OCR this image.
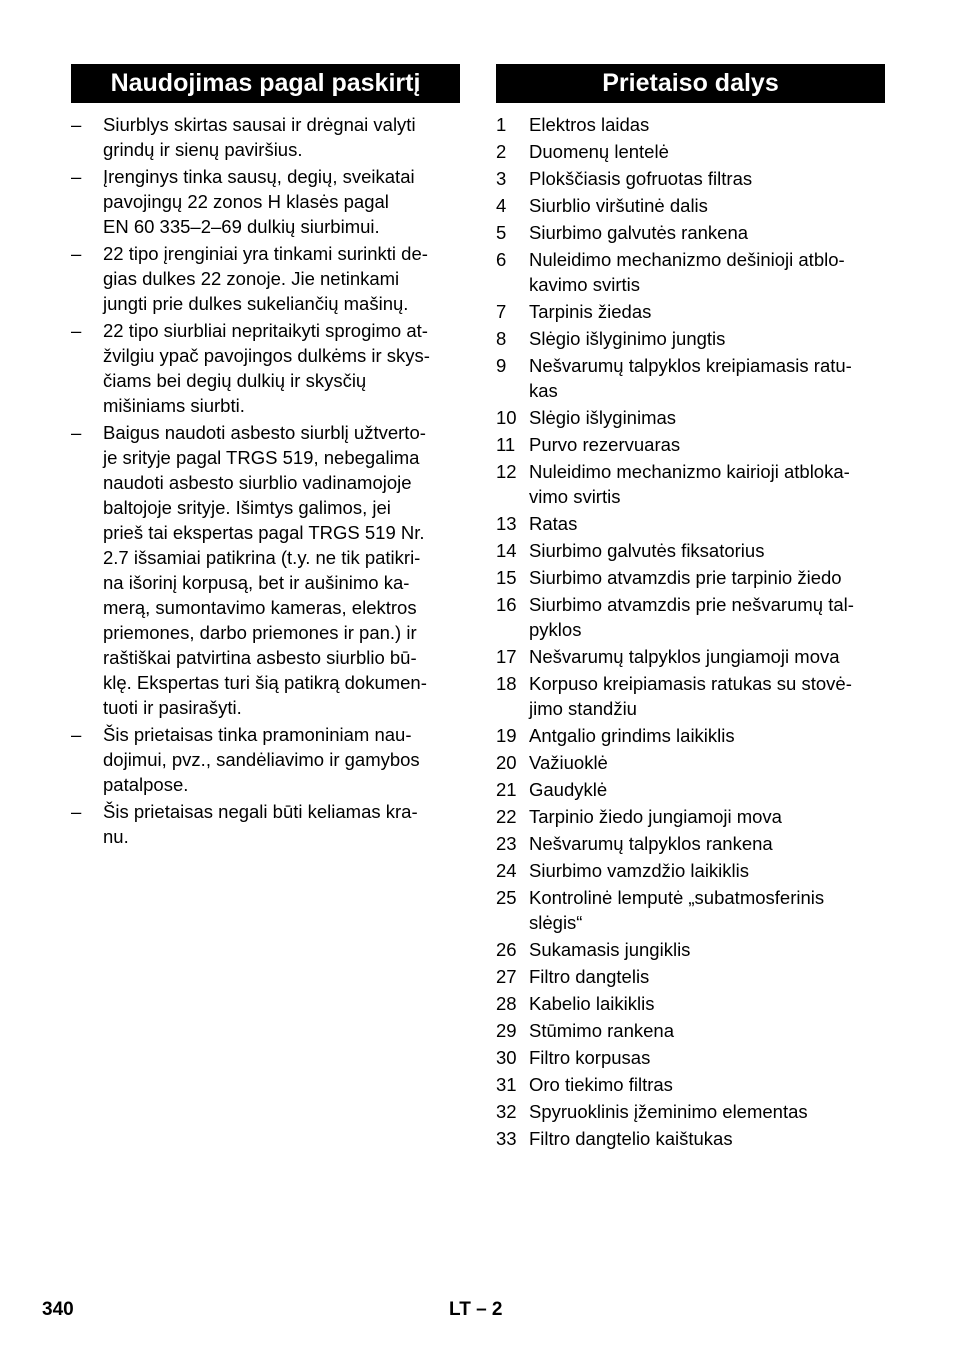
Naudojimas pagal paskirtį	Prietaiso dalys
– Siurblys skirtas sausai ir drėgnai valyti
grindų ir sienų paviršius.
– Įrenginys tinka sausų, degių, sveikatai
pavojingų 22 zonos H klasės pagal
EN 60 335–2–69 dulkių siurbimui.
– 22 tipo įrenginiai yra tinkami surinkti de-
gias dulkes 22 zonoje. Jie netinkami
jungti prie dulkes sukeliančių mašinų.
– 22 tipo siurbliai nepritaikyti sprogimo at-
žvilgiu ypač pavojingos dulkėms ir skys-
čiams bei degių dulkių ir skysčių
mišiniams siurbti.
– Baigus naudoti asbesto siurblį užtverto-
je srityje pagal TRGS 519, nebegalima
naudoti asbesto siurblio vadinamojoje
baltojoje srityje. Išimtys galimos, jei
prieš tai ekspertas pagal TRGS 519 Nr.
2.7 išsamiai patikrina (t.y. ne tik patikri-
na išorinį korpusą, bet ir aušinimo ka-
merą, sumontavimo kameras, elektros
priemones, darbo priemones ir pan.) ir
raštiškai patvirtina asbesto siurblio bū-
klę. Ekspertas turi šią patikrą dokumen-
tuoti ir pasirašyti.
– Šis prietaisas tinka pramoniniam nau-
dojimui, pvz., sandėliavimo ir gamybos
patalpose.
– Šis prietaisas negali būti keliamas kra-
nu.
1 Elektros laidas
2 Duomenų lentelė
3 Plokščiasis gofruotas filtras
4 Siurblio viršutinė dalis
5 Siurbimo galvutės rankena
6 Nuleidimo mechanizmo dešinioji atblo-
kavimo svirtis
7 Tarpinis žiedas
8 Slėgio išlyginimo jungtis
9 Nešvarumų talpyklos kreipiamasis ratu-
kas
10 Slėgio išlyginimas
11 Purvo rezervuaras
12 Nuleidimo mechanizmo kairioji atbloka-
vimo svirtis
13 Ratas
14 Siurbimo galvutės fiksatorius
15 Siurbimo atvamzdis prie tarpinio žiedo
16 Siurbimo atvamzdis prie nešvarumų tal-
pyklos
17 Nešvarumų talpyklos jungiamoji mova
18 Korpuso kreipiamasis ratukas su stovė-
jimo standžiu
19 Antgalio grindims laikiklis
20 Važiuoklė
21 Gaudyklė
22 Tarpinio žiedo jungiamoji mova
23 Nešvarumų talpyklos rankena
24 Siurbimo vamzdžio laikiklis
25 Kontrolinė lemputė „subatmosferinis
slėgis“
26 Sukamasis jungiklis
27 Filtro dangtelis
28 Kabelio laikiklis
29 Stūmimo rankena
30 Filtro korpusas
31 Oro tiekimo filtras
32 Spyruoklinis įžeminimo elementas
33 Filtro dangtelio kaištukas
340	LT – 2
